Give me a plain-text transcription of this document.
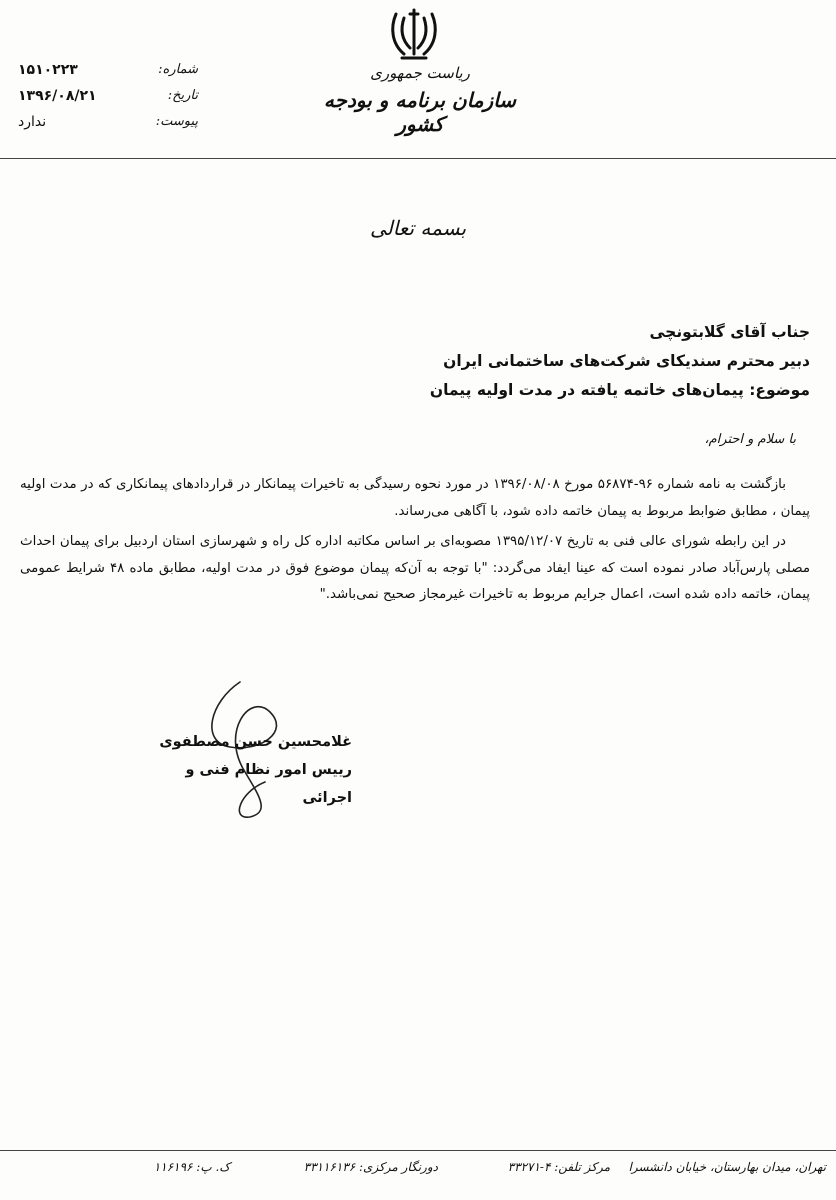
ریاست جمهوری
سازمان برنامه و بودجه کشور
۱۵۱۰۲۲۳	شماره:
۱۳۹۶/۰۸/۲۱	تاریخ:
ندارد	پیوست:
بسمه تعالی
جناب آقای گلابتونچی
دبیر محترم سندیکای شرکت‌های ساختمانی ایران
موضوع: پیمان‌های خاتمه یافته در مدت اولیه پیمان
با سلام و احترام،

بازگشت به نامه شماره ۹۶-۵۶۸۷۴ مورخ ۱۳۹۶/۰۸/۰۸ در مورد نحوه رسیدگی به تاخیرات پیمانکار در قراردادهای پیمانکاری که در مدت اولیه پیمان ، مطابق ضوابط مربوط به پیمان خاتمه داده شود، با آگاهی می‌رساند.

در این رابطه شورای عالی فنی به تاریخ ۱۳۹۵/۱۲/۰۷ مصوبه‌ای بر اساس مکاتبه اداره کل راه و شهرسازی استان اردبیل برای پیمان احداث مصلی پارس‌آباد صادر نموده است که عینا ایفاد می‌گردد: "با توجه به آن‌که پیمان موضوع فوق در مدت اولیه، مطابق ماده ۴۸ شرایط عمومی پیمان، خاتمه داده شده است، اعمال جرایم مربوط به تاخیرات غیرمجاز صحیح نمی‌باشد."

غلامحسین حسن مصطفوی
رییس امور نظام فنی و اجرائی
تهران، میدان بهارستان، خیابان دانشسرا
مرکز تلفن: ۴-۳۳۲۷۱
دورنگار مرکزی: ۳۳۱۱۶۱۳۶
ک. پ: ۱۱۶۱۹۶
